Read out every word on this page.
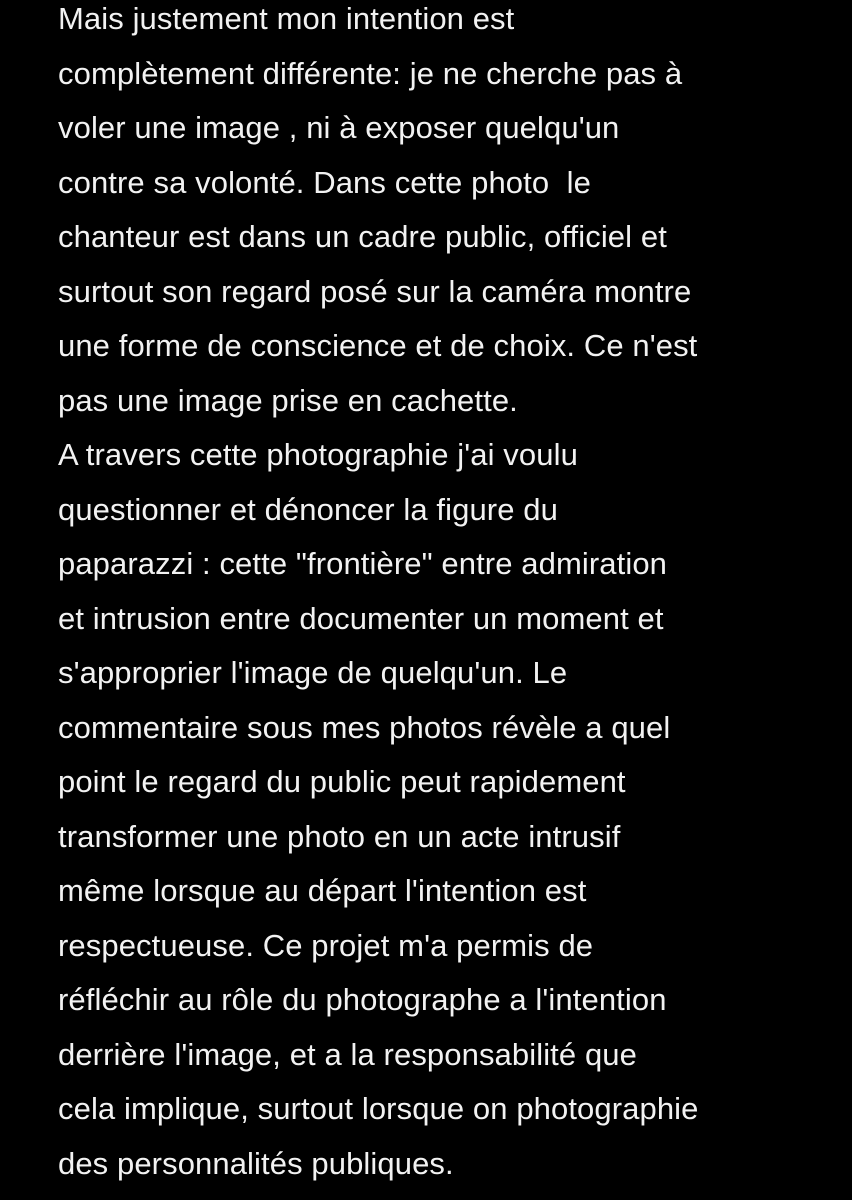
Mais justement mon intention est
complètement différente: je ne cherche pas à
voler une image , ni à exposer quelqu'un
contre sa volonté. Dans cette photo  le
chanteur est dans un cadre public, officiel et
surtout son regard posé sur la caméra montre
une forme de conscience et de choix. Ce n'est
pas une image prise en cachette.
A travers cette photographie j'ai voulu
questionner et dénoncer la figure du
paparazzi : cette "frontière" entre admiration
et intrusion entre documenter un moment et
s'approprier l'image de quelqu'un. Le
commentaire sous mes photos révèle a quel
point le regard du public peut rapidement
transformer une photo en un acte intrusif
même lorsque au départ l'intention est
respectueuse. Ce projet m'a permis de
réfléchir au rôle du photographe a l'intention
derrière l'image, et a la responsabilité que
cela implique, surtout lorsque on photographie
des personnalités publiques.
